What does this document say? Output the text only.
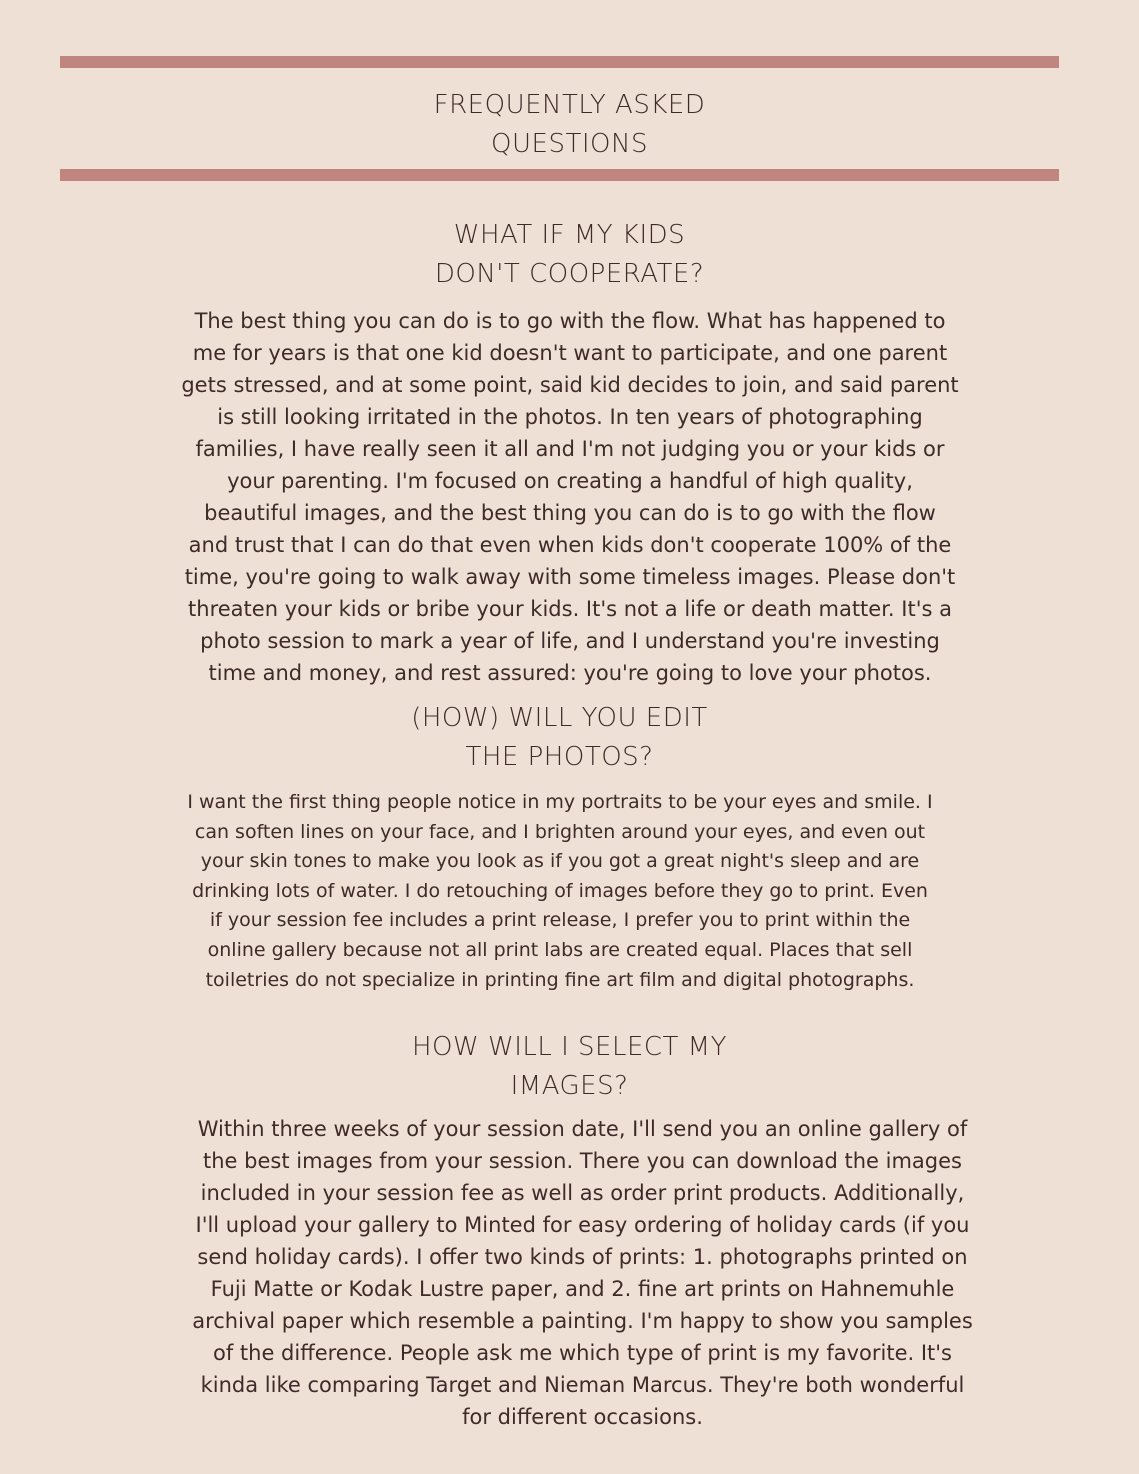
FREQUENTLY ASKED
QUESTIONS
WHAT IF MY KIDS
DON'T COOPERATE?

The best thing you can do is to go with the flow. What has happened to
me for years is that one kid doesn't want to participate, and one parent
gets stressed, and at some point, said kid decides to join, and said parent
is still looking irritated in the photos. In ten years of photographing
families, I have really seen it all and I'm not judging you or your kids or
your parenting. I'm focused on creating a handful of high quality,
beautiful images, and the best thing you can do is to go with the flow
and trust that I can do that even when kids don't cooperate 100% of the
time, you're going to walk away with some timeless images. Please don't
threaten your kids or bribe your kids. It's not a life or death matter. It's a
photo session to mark a year of life, and I understand you're investing
time and money, and rest assured: you're going to love your photos.

(HOW) WILL YOU EDIT
THE PHOTOS?

I want the first thing people notice in my portraits to be your eyes and smile. I
can soften lines on your face, and I brighten around your eyes, and even out
your skin tones to make you look as if you got a great night's sleep and are
drinking lots of water. I do retouching of images before they go to print. Even
if your session fee includes a print release, I prefer you to print within the
online gallery because not all print labs are created equal. Places that sell
toiletries do not specialize in printing fine art film and digital photographs.

HOW WILL I SELECT MY
IMAGES?

Within three weeks of your session date, I'll send you an online gallery of
the best images from your session. There you can download the images
included in your session fee as well as order print products. Additionally,
I'll upload your gallery to Minted for easy ordering of holiday cards (if you
send holiday cards). I offer two kinds of prints: 1. photographs printed on
Fuji Matte or Kodak Lustre paper, and 2. fine art prints on Hahnemuhle
archival paper which resemble a painting. I'm happy to show you samples
of the difference. People ask me which type of print is my favorite. It's
kinda like comparing Target and Nieman Marcus. They're both wonderful
for different occasions.
